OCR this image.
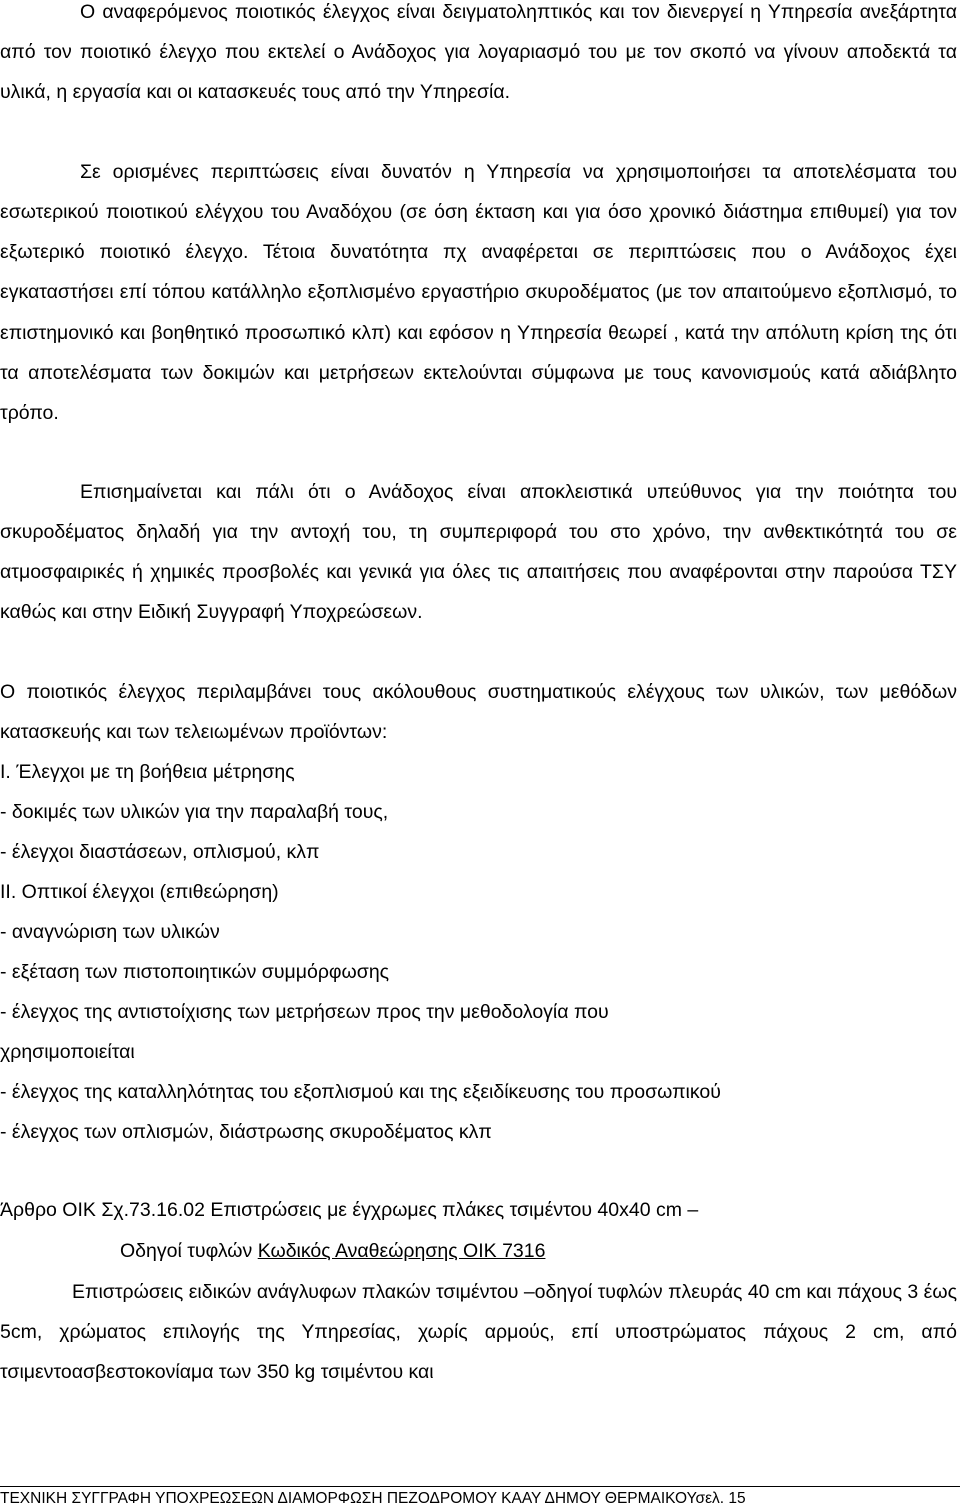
Ο αναφερόμενος ποιοτικός έλεγχος είναι δειγματοληπτικός και τον διενεργεί η Υπηρεσία ανεξάρτητα από τον ποιοτικό έλεγχο που εκτελεί ο Ανάδοχος για λογαριασμό του με τον σκοπό να γίνουν αποδεκτά τα υλικά, η εργασία και οι κατασκευές τους από την Υπηρεσία.

Σε ορισμένες περιπτώσεις είναι δυνατόν η Υπηρεσία να χρησιμοποιήσει τα αποτελέσματα του εσωτερικού ποιοτικού ελέγχου του Αναδόχου (σε όση έκταση και για όσο χρονικό διάστημα επιθυμεί) για τον εξωτερικό ποιοτικό έλεγχο. Τέτοια δυνατότητα πχ αναφέρεται σε περιπτώσεις που ο Ανάδοχος έχει εγκαταστήσει επί τόπου κατάλληλο εξοπλισμένο εργαστήριο σκυροδέματος (με τον απαιτούμενο εξοπλισμό, το επιστημονικό και βοηθητικό προσωπικό κλπ) και εφόσον η Υπηρεσία θεωρεί , κατά την απόλυτη κρίση της ότι τα αποτελέσματα των δοκιμών και μετρήσεων εκτελούνται σύμφωνα με τους κανονισμούς κατά αδιάβλητο τρόπο.

Επισημαίνεται και πάλι ότι ο Ανάδοχος είναι αποκλειστικά υπεύθυνος για την ποιότητα του σκυροδέματος δηλαδή για την αντοχή του, τη συμπεριφορά του στο χρόνο, την ανθεκτικότητά του σε ατμοσφαιρικές ή χημικές προσβολές και γενικά για όλες τις απαιτήσεις που αναφέρονται στην παρούσα ΤΣΥ καθώς και στην Ειδική Συγγραφή Υποχρεώσεων.

Ο ποιοτικός έλεγχος περιλαμβάνει τους ακόλουθους συστηματικούς ελέγχους των υλικών, των μεθόδων κατασκευής και των τελειωμένων προϊόντων:

Ι. Έλεγχοι με τη βοήθεια μέτρησης
- δοκιμές των υλικών για την παραλαβή τους,
- έλεγχοι διαστάσεων, οπλισμού, κλπ
ΙΙ. Οπτικοί έλεγχοι (επιθεώρηση)
- αναγνώριση των υλικών
- εξέταση των πιστοποιητικών συμμόρφωσης
- έλεγχος της αντιστοίχισης των μετρήσεων προς την μεθοδολογία που
χρησιμοποιείται
- έλεγχος της καταλληλότητας του εξοπλισμού και της εξειδίκευσης του προσωπικού
- έλεγχος των οπλισμών, διάστρωσης σκυροδέματος κλπ
Άρθρο ΟΙΚ Σχ.73.16.02 Επιστρώσεις με έγχρωμες πλάκες τσιμέντου 40x40 cm –
Οδηγοί τυφλών Κωδικός Αναθεώρησης ΟΙΚ 7316

Επιστρώσεις ειδικών ανάγλυφων πλακών τσιμέντου –οδηγοί τυφλών πλευράς 40 cm και πάχους 3 έως 5cm, χρώματος επιλογής της Υπηρεσίας, χωρίς αρμούς, επί υποστρώματος πάχους 2 cm, από τσιμεντοασβεστοκονίαμα των 350 kg τσιμέντου και

ΤΕΧΝΙΚΗ ΣΥΓΓΡΑΦΗ ΥΠΟΧΡΕΩΣΕΩΝ ΔΙΑΜΟΡΦΩΣΗ ΠΕΖΟΔΡΟΜΟΥ ΚΑΑΥ ΔΗΜΟΥ ΘΕΡΜΑΙΚΟΥσελ. 15
